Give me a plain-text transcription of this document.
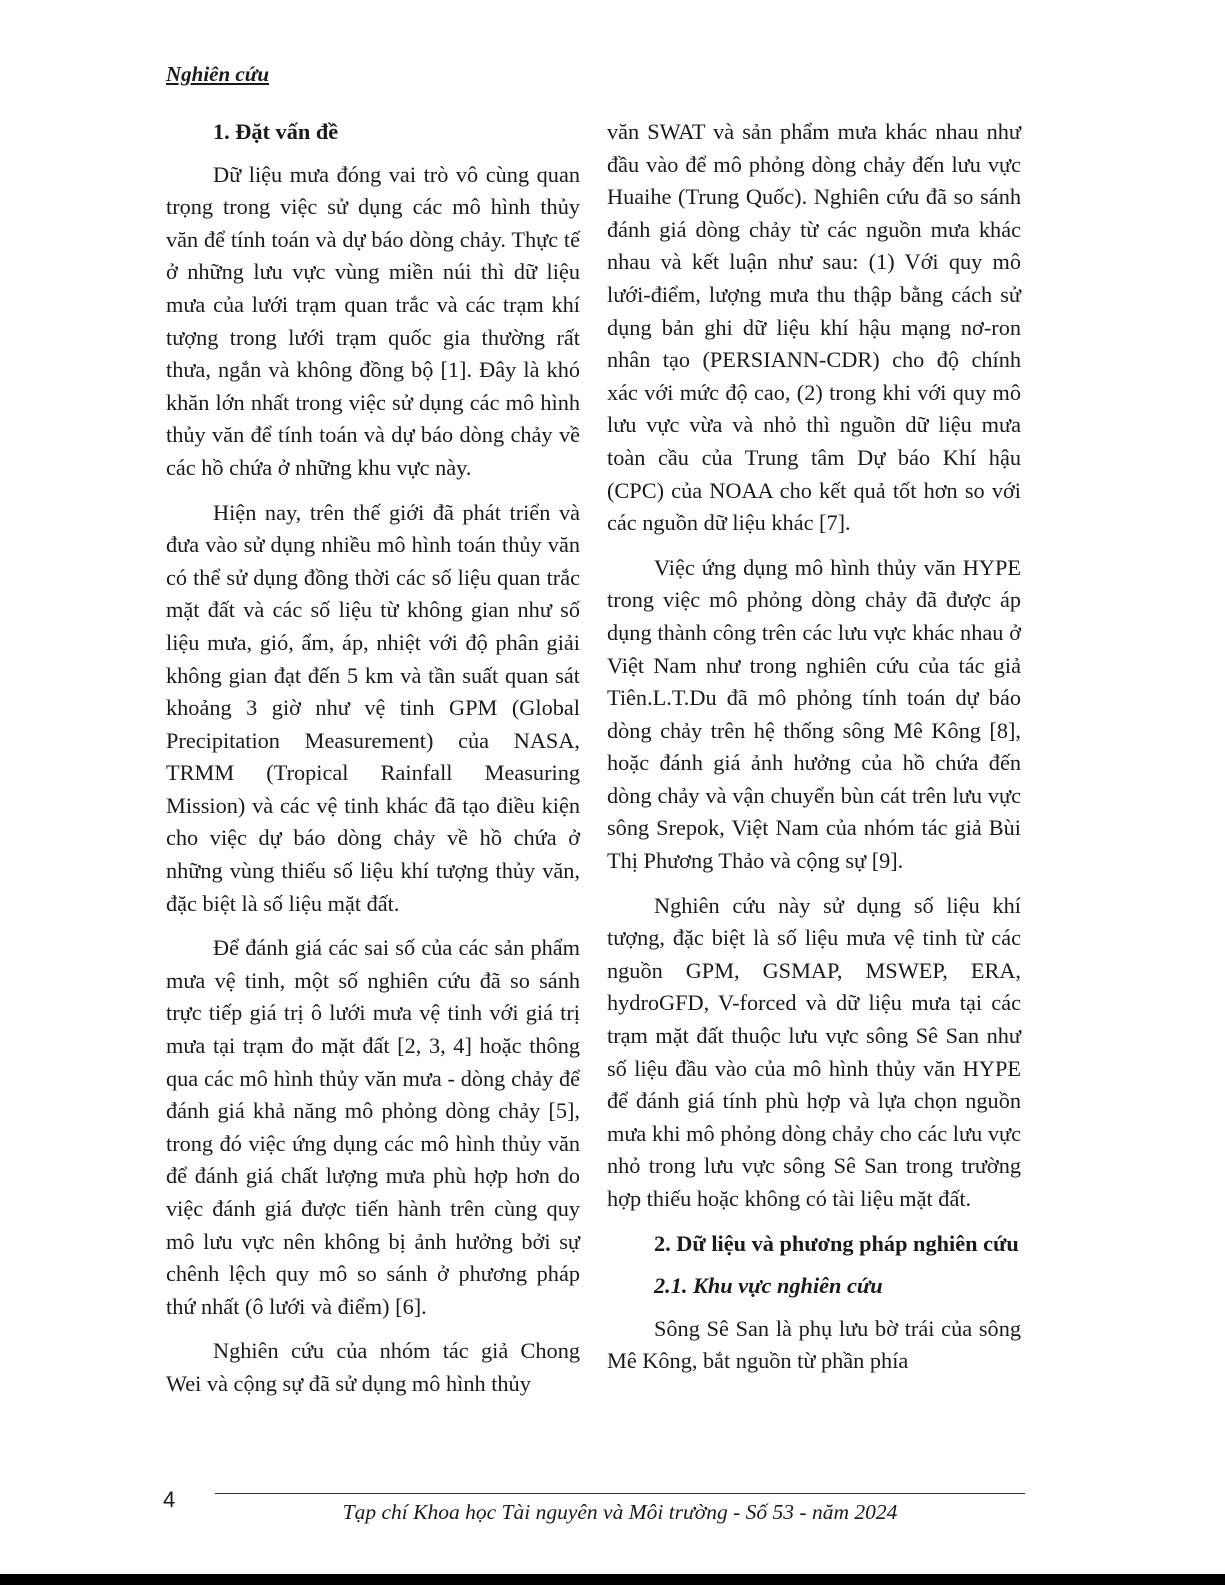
Nghiên cứu
1. Đặt vấn đề

Dữ liệu mưa đóng vai trò vô cùng quan trọng trong việc sử dụng các mô hình thủy văn để tính toán và dự báo dòng chảy. Thực tế ở những lưu vực vùng miền núi thì dữ liệu mưa của lưới trạm quan trắc và các trạm khí tượng trong lưới trạm quốc gia thường rất thưa, ngắn và không đồng bộ [1]. Đây là khó khăn lớn nhất trong việc sử dụng các mô hình thủy văn để tính toán và dự báo dòng chảy về các hồ chứa ở những khu vực này.

Hiện nay, trên thế giới đã phát triển và đưa vào sử dụng nhiều mô hình toán thủy văn có thể sử dụng đồng thời các số liệu quan trắc mặt đất và các số liệu từ không gian như số liệu mưa, gió, ẩm, áp, nhiệt với độ phân giải không gian đạt đến 5 km và tần suất quan sát khoảng 3 giờ như vệ tinh GPM (Global Precipitation Measurement) của NASA, TRMM (Tropical Rainfall Measuring Mission) và các vệ tinh khác đã tạo điều kiện cho việc dự báo dòng chảy về hồ chứa ở những vùng thiếu số liệu khí tượng thủy văn, đặc biệt là số liệu mặt đất.

Để đánh giá các sai số của các sản phẩm mưa vệ tinh, một số nghiên cứu đã so sánh trực tiếp giá trị ô lưới mưa vệ tinh với giá trị mưa tại trạm đo mặt đất [2, 3, 4] hoặc thông qua các mô hình thủy văn mưa - dòng chảy để đánh giá khả năng mô phỏng dòng chảy [5], trong đó việc ứng dụng các mô hình thủy văn để đánh giá chất lượng mưa phù hợp hơn do việc đánh giá được tiến hành trên cùng quy mô lưu vực nên không bị ảnh hưởng bởi sự chênh lệch quy mô so sánh ở phương pháp thứ nhất (ô lưới và điểm) [6].

Nghiên cứu của nhóm tác giả Chong Wei và cộng sự đã sử dụng mô hình thủy

văn SWAT và sản phẩm mưa khác nhau như đầu vào để mô phỏng dòng chảy đến lưu vực Huaihe (Trung Quốc). Nghiên cứu đã so sánh đánh giá dòng chảy từ các nguồn mưa khác nhau và kết luận như sau: (1) Với quy mô lưới-điểm, lượng mưa thu thập bằng cách sử dụng bản ghi dữ liệu khí hậu mạng nơ-ron nhân tạo (PERSIANN-CDR) cho độ chính xác với mức độ cao, (2) trong khi với quy mô lưu vực vừa và nhỏ thì nguồn dữ liệu mưa toàn cầu của Trung tâm Dự báo Khí hậu (CPC) của NOAA cho kết quả tốt hơn so với các nguồn dữ liệu khác [7].

Việc ứng dụng mô hình thủy văn HYPE trong việc mô phỏng dòng chảy đã được áp dụng thành công trên các lưu vực khác nhau ở Việt Nam như trong nghiên cứu của tác giả Tiên.L.T.Du đã mô phỏng tính toán dự báo dòng chảy trên hệ thống sông Mê Kông [8], hoặc đánh giá ảnh hưởng của hồ chứa đến dòng chảy và vận chuyển bùn cát trên lưu vực sông Srepok, Việt Nam của nhóm tác giả Bùi Thị Phương Thảo và cộng sự [9].

Nghiên cứu này sử dụng số liệu khí tượng, đặc biệt là số liệu mưa vệ tinh từ các nguồn GPM, GSMAP, MSWEP, ERA, hydroGFD, V-forced và dữ liệu mưa tại các trạm mặt đất thuộc lưu vực sông Sê San như số liệu đầu vào của mô hình thủy văn HYPE để đánh giá tính phù hợp và lựa chọn nguồn mưa khi mô phỏng dòng chảy cho các lưu vực nhỏ trong lưu vực sông Sê San trong trường hợp thiếu hoặc không có tài liệu mặt đất.

2. Dữ liệu và phương pháp nghiên cứu
2.1. Khu vực nghiên cứu

Sông Sê San là phụ lưu bờ trái của sông Mê Kông, bắt nguồn từ phần phía

4	Tạp chí Khoa học Tài nguyên và Môi trường - Số 53 - năm 2024
